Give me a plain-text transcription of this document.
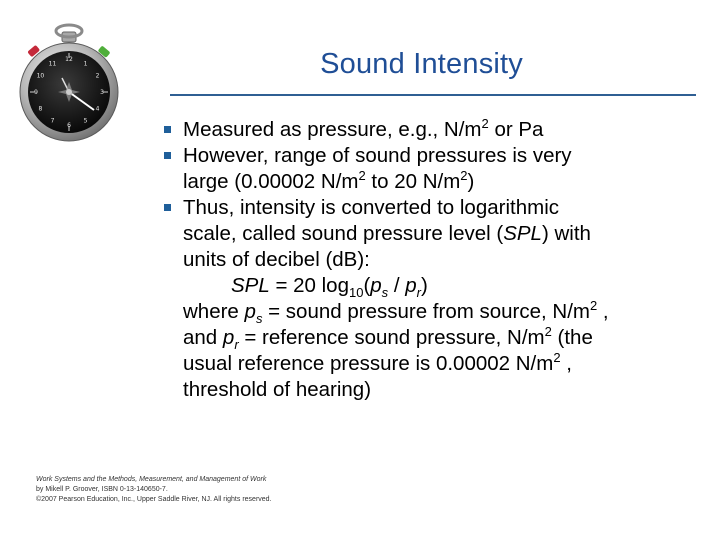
1
2
3
4
5
6
7
8
9
10
11
12	Sound Intensity
Measured as pressure, e.g., $N/m^2$ or Pa
However, range of sound pressures is very
large (0.00002 $N/m^2$ to 20 $N/m^2$)
Thus, intensity is converted to logarithmic
scale, called sound pressure level (SPL) with
units of decibel (dB):
SPL = 20 $\log_{10}(p_s / p_r)$
where $p_s$ = sound pressure from source, $N/m^2$ ,
and $p_r$ = reference sound pressure, $N/m^2$ (the
usual reference pressure is 0.00002 $N/m^2$ ,
threshold of hearing)
Work Systems and the Methods, Measurement, and Management of Work
by Mikell P. Groover, ISBN 0-13-140650-7.
©2007 Pearson Education, Inc., Upper Saddle River, NJ. All rights reserved.
